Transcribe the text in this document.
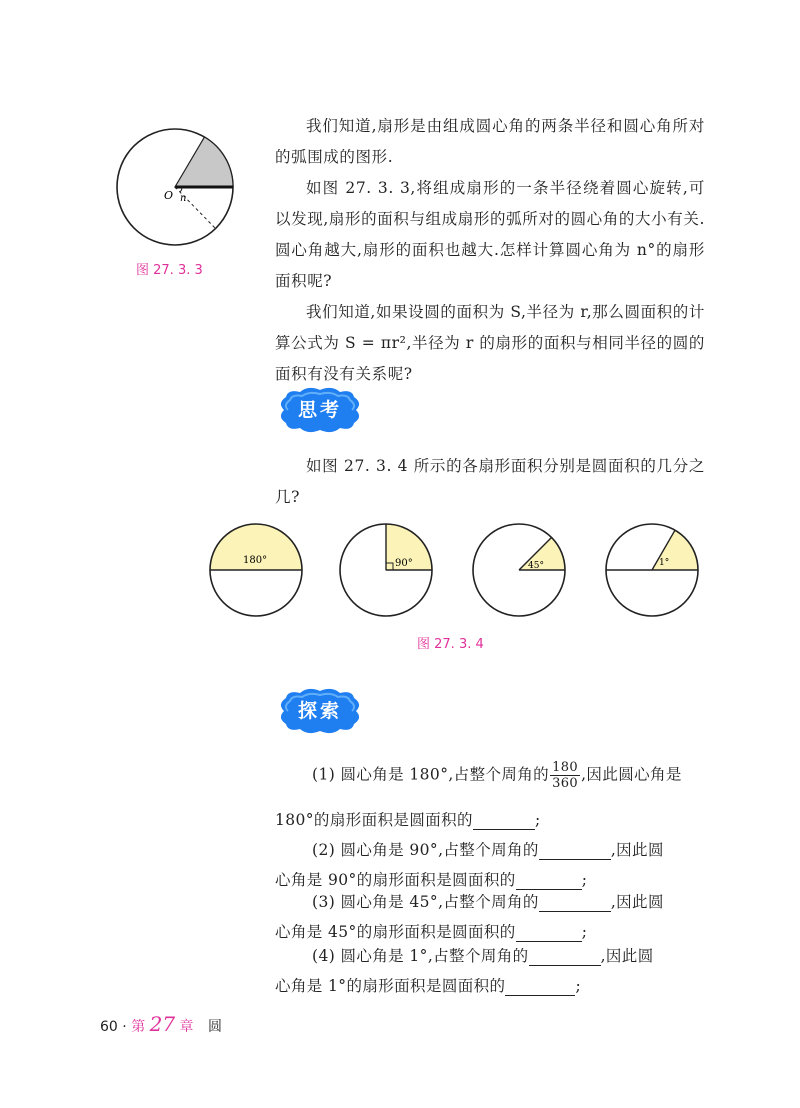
O n
图 27. 3. 3

我们知道,扇形是由组成圆心角的两条半径和圆心角所对的弧围成的图形.

如图 27. 3. 3,将组成扇形的一条半径绕着圆心旋转,可以发现,扇形的面积与组成扇形的弧所对的圆心角的大小有关.圆心角越大,扇形的面积也越大.怎样计算圆心角为 n°的扇形面积呢?

我们知道,如果设圆的面积为 S,半径为 r,那么圆面积的计算公式为 S = πr²,半径为 r 的扇形的面积与相同半径的圆的面积有没有关系呢?

思考

如图 27. 3. 4 所示的各扇形面积分别是圆面积的几分之几?

180°	90°	45°	1°
图 27. 3. 4
探索
(1) 圆心角是 180°,占整个周角的 $\frac{180}{360}$ ,因此圆心角是
180°的扇形面积是圆面积的	;
(2) 圆心角是 90°,占整个周角的	,因此圆
心角是 90°的扇形面积是圆面积的	;
(3) 圆心角是 45°,占整个周角的	,因此圆
心角是 45°的扇形面积是圆面积的	;
(4) 圆心角是 1°,占整个周角的	,因此圆
心角是 1°的扇形面积是圆面积的	;
60 · 第 27 章 圆
